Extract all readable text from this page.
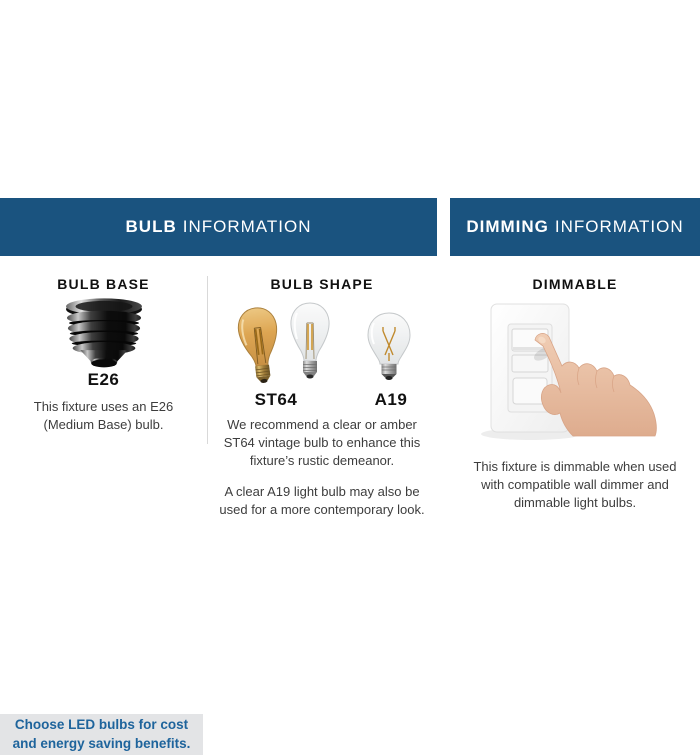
BULB INFORMATION	DIMMING INFORMATION
BULB BASE
E26
This fixture uses an E26 (Medium Base) bulb.
Choose LED bulbs for cost and energy saving benefits.
BULB SHAPE
ST64	A19
We recommend a clear or amber ST64 vintage bulb to enhance this fixture’s rustic demeanor.
A clear A19 light bulb may also be used for a more contemporary look.
DIMMABLE
This fixture is dimmable when used with compatible wall dimmer and dimmable light bulbs.
